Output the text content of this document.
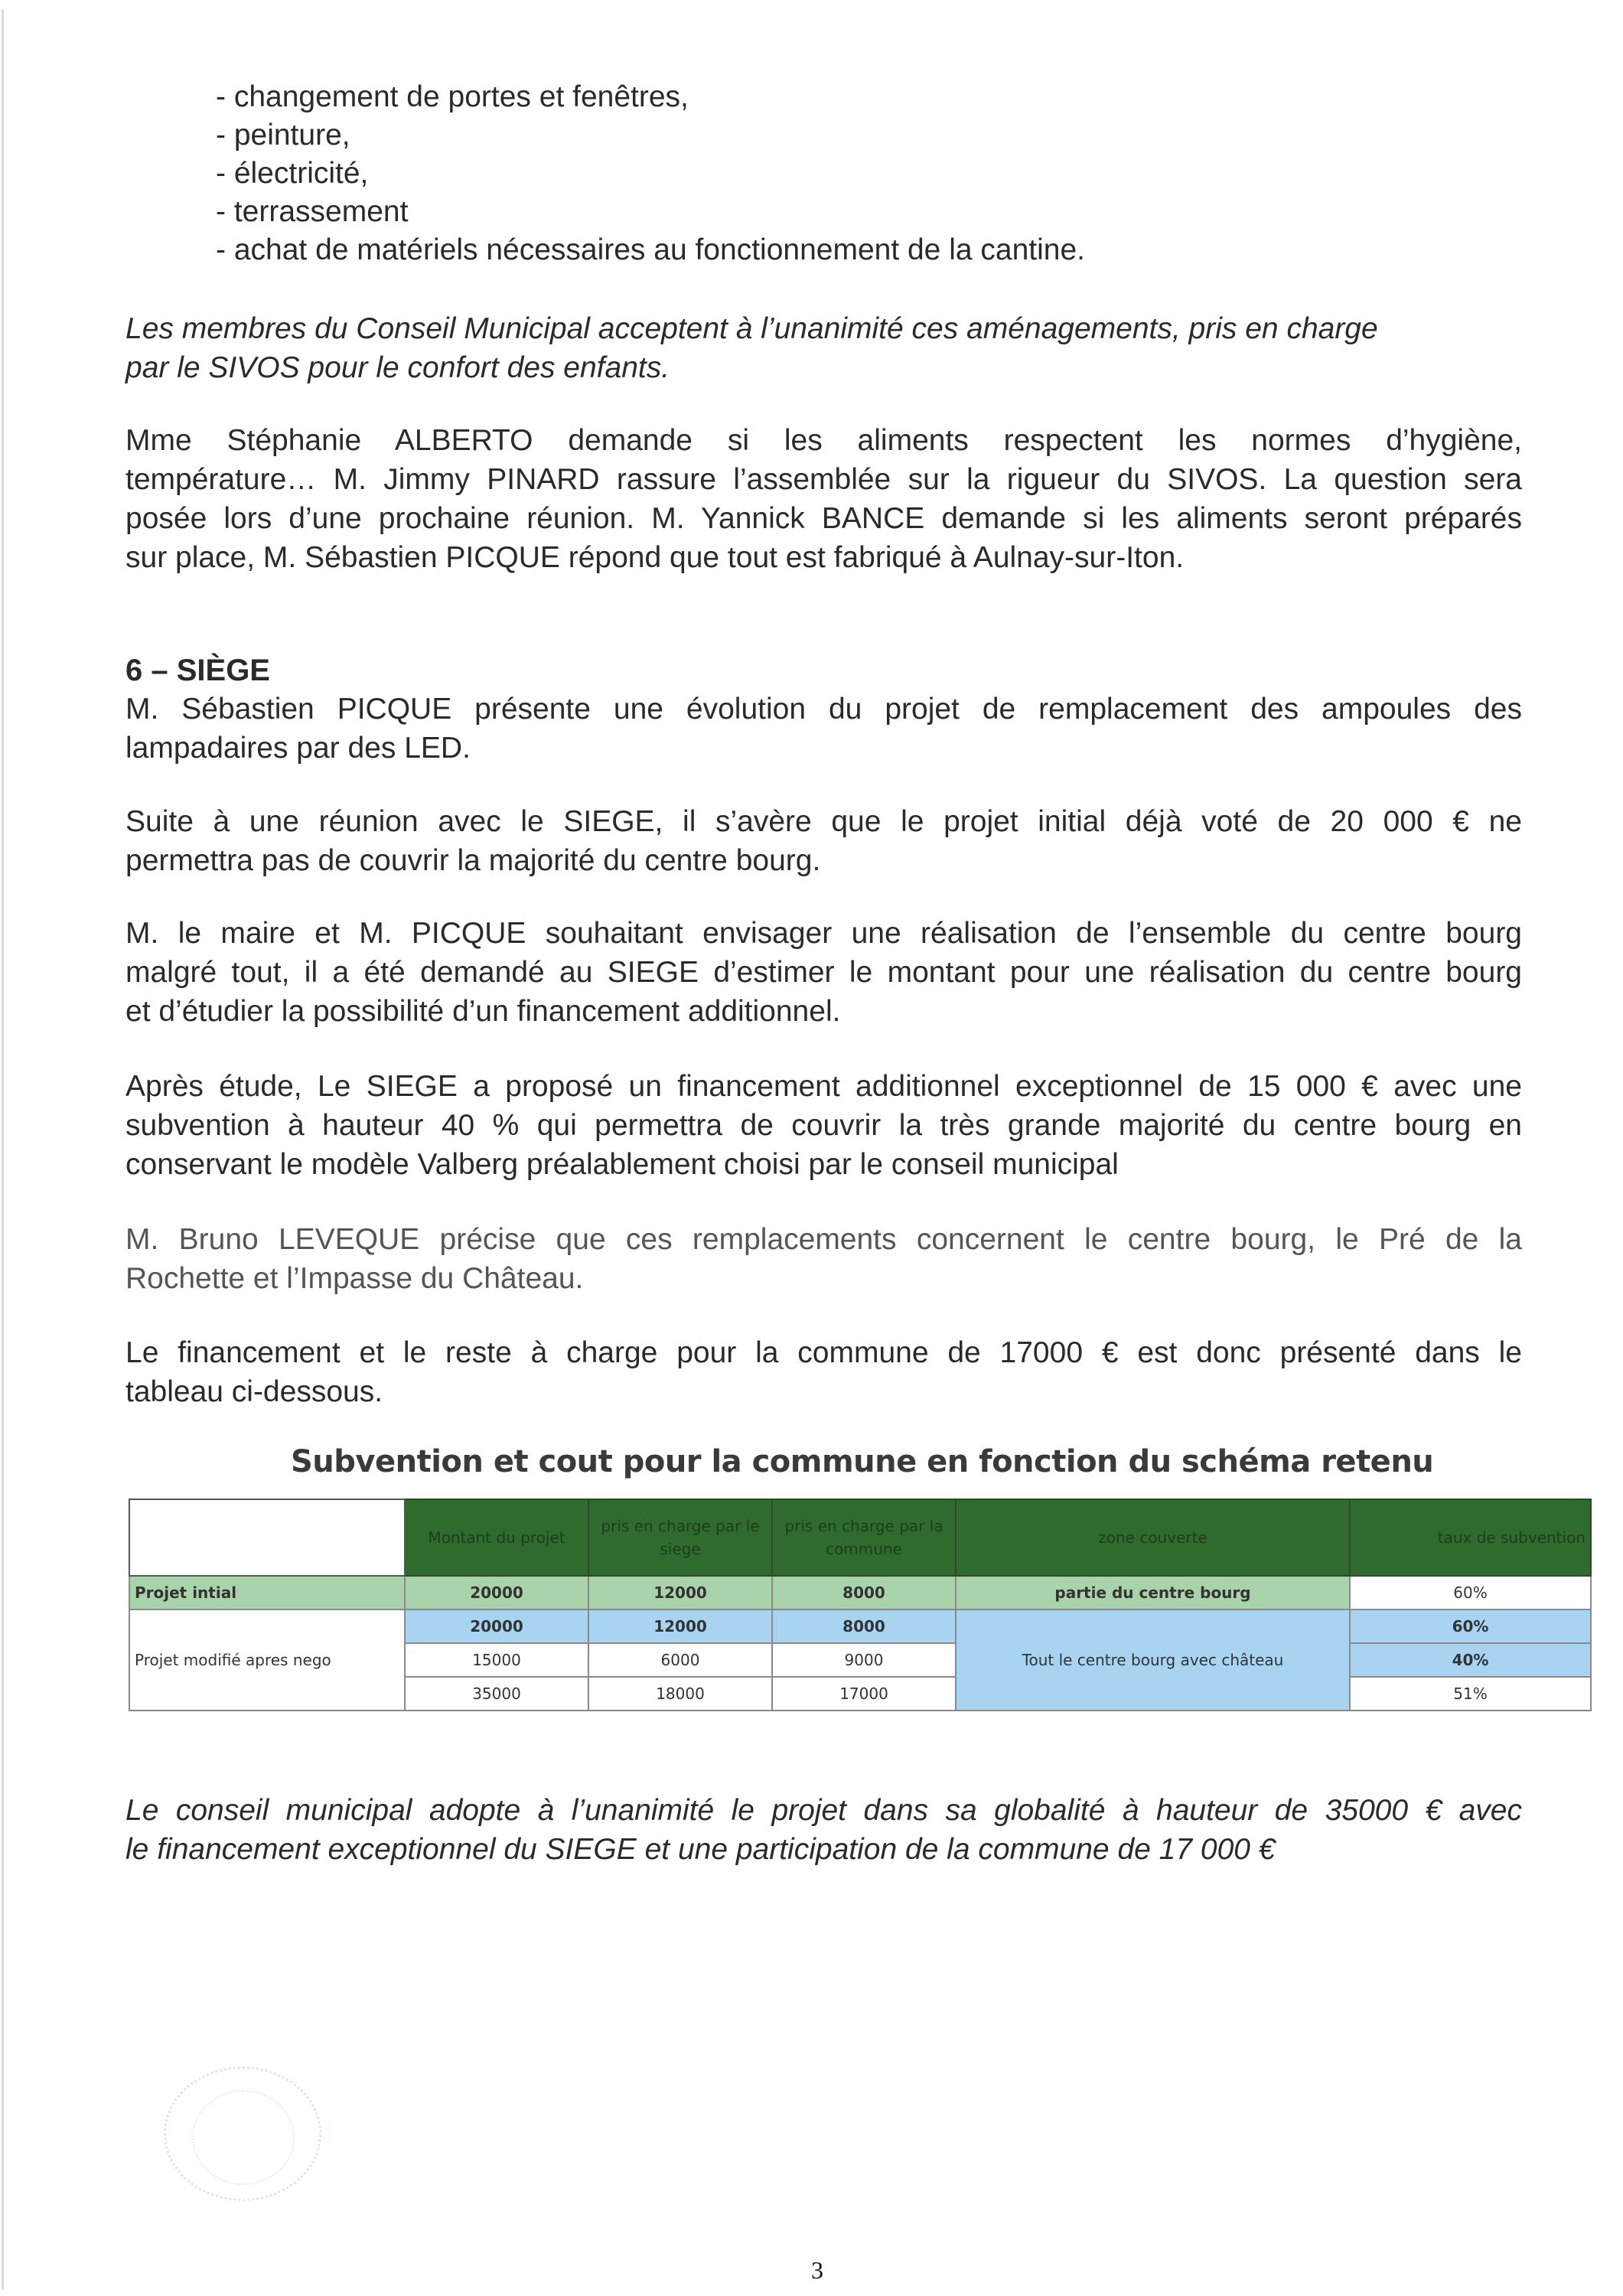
- changement de portes et fenêtres,
- peinture,
- électricité,
- terrassement
- achat de matériels nécessaires au fonctionnement de la cantine.
Les membres du Conseil Municipal acceptent à l’unanimité ces aménagements, pris en charge
par le SIVOS pour le confort des enfants.
Mme Stéphanie ALBERTO demande si les aliments respectent les normes d’hygiène,
température… M. Jimmy PINARD rassure l’assemblée sur la rigueur du SIVOS. La question sera
posée lors d’une prochaine réunion. M. Yannick BANCE demande si les aliments seront préparés
sur place, M. Sébastien PICQUE répond que tout est fabriqué à Aulnay-sur-Iton.
6 – SIÈGE
M. Sébastien PICQUE présente une évolution du projet de remplacement des ampoules des
lampadaires par des LED.
Suite à une réunion avec le SIEGE, il s’avère que le projet initial déjà voté de 20 000 € ne
permettra pas de couvrir la majorité du centre bourg.
M. le maire et M. PICQUE souhaitant envisager une réalisation de l’ensemble du centre bourg
malgré tout, il a été demandé au SIEGE d’estimer le montant pour une réalisation du centre bourg
et d’étudier la possibilité d’un financement additionnel.
Après étude, Le SIEGE a proposé un financement additionnel exceptionnel de 15 000 € avec une
subvention à hauteur 40 % qui permettra de couvrir la très grande majorité du centre bourg en
conservant le modèle Valberg préalablement choisi par le conseil municipal
M. Bruno LEVEQUE précise que ces remplacements concernent le centre bourg, le Pré de la
Rochette et l’Impasse du Château.
Le financement et le reste à charge pour la commune de 17000 € est donc présenté dans le
tableau ci-dessous.
Subvention et cout pour la commune en fonction du schéma retenu
	Montant du projet	pris en charge par le siege	pris en charge par la commune	zone couverte	taux de subvention
Projet intial	20000	12000	8000	partie du centre bourg	60%
Projet modifié apres nego	20000	12000	8000	Tout le centre bourg avec château	60%
	15000	6000	9000		40%
	35000	18000	17000		51%
Le conseil municipal adopte à l’unanimité le projet dans sa globalité à hauteur de 35000 € avec
le financement exceptionnel du SIEGE et une participation de la commune de 17 000 €
3
